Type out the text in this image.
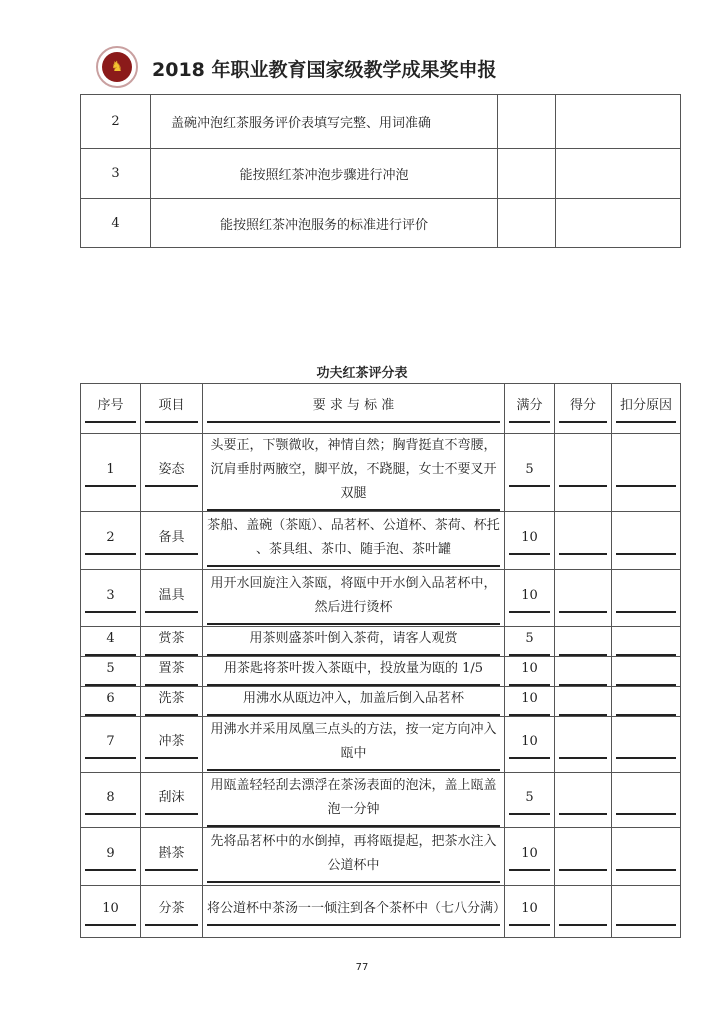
♞	2018 年职业教育国家级教学成果奖申报
2	盖碗冲泡红茶服务评价表填写完整、用词准确		
3	能按照红茶冲泡步骤进行冲泡		
4	能按照红茶冲泡服务的标准进行评价		
功夫红茶评分表
序号	项目	要 求 与 标 准	满分	得分	扣分原因

1	姿态	头要正，下颚微收，神情自然；胸背挺直不弯腰，沉肩垂肘两腋空，脚平放，不跷腿，女士不要叉开双腿	5		

2	备具	茶船、盖碗（茶瓯）、品茗杯、公道杯、茶荷、杯托 、茶具组、茶巾、随手泡、茶叶罐	10		

3	温具	用开水回旋注入茶瓯，将瓯中开水倒入品茗杯中，然后进行烫杯	10		

4	赏茶	用茶则盛茶叶倒入茶荷，请客人观赏	5		

5	置茶	用茶匙将茶叶拨入茶瓯中，投放量为瓯的 1/5	10		

6	洗茶	用沸水从瓯边冲入，加盖后倒入品茗杯	10		

7	冲茶	用沸水并采用凤凰三点头的方法，按一定方向冲入瓯中	10		

8	刮沫	用瓯盖轻轻刮去漂浮在茶汤表面的泡沫，盖上瓯盖泡一分钟	5		

9	斟茶	先将品茗杯中的水倒掉，再将瓯提起，把茶水注入公道杯中	10		

10	分茶	将公道杯中茶汤一一倾注到各个茶杯中（七八分满）	10		

77
